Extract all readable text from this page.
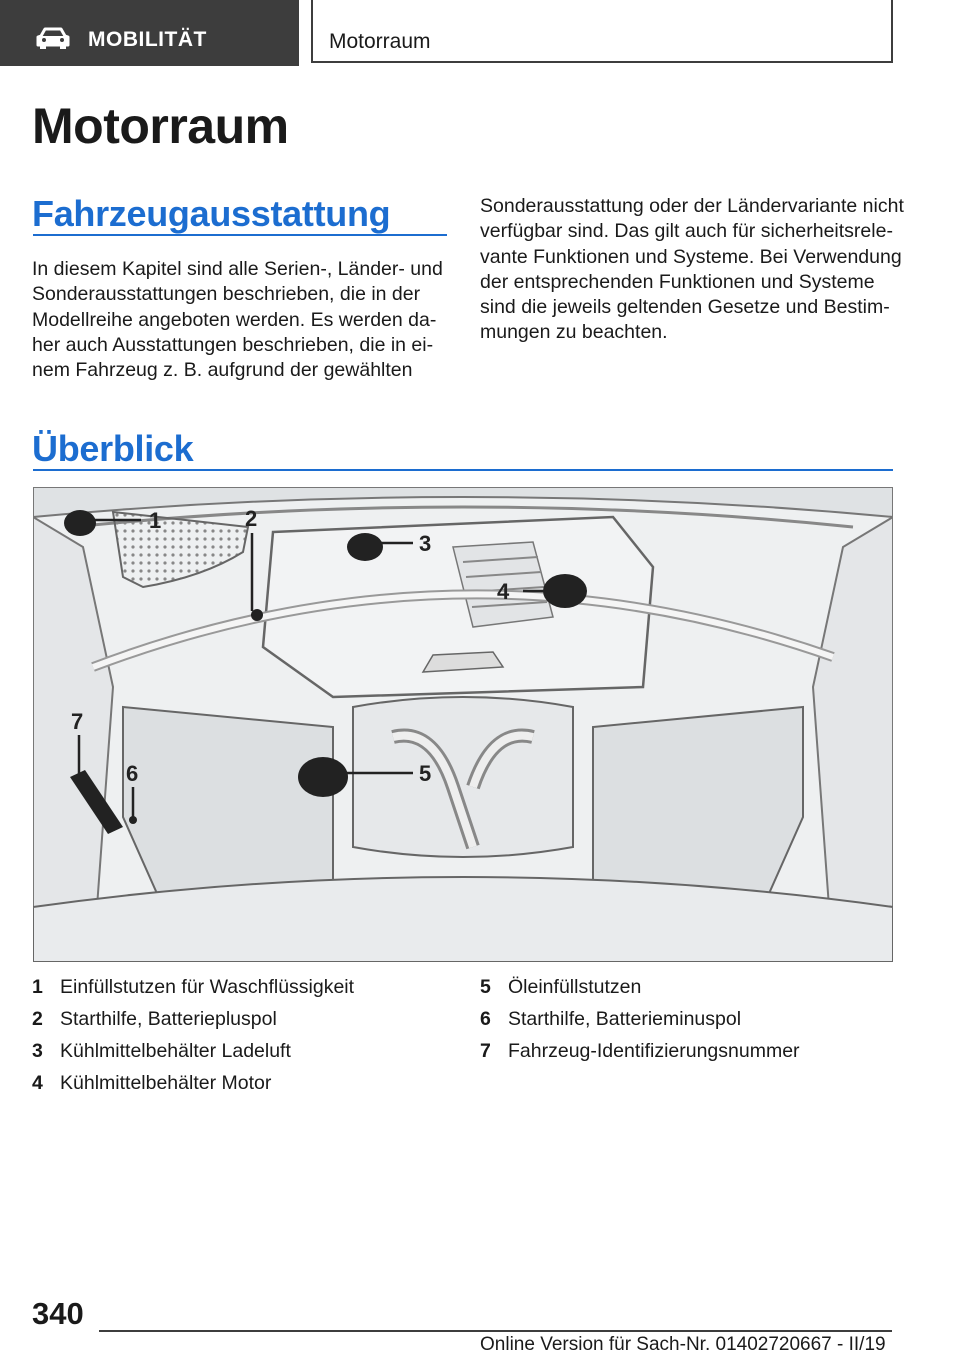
MOBILITÄT	Motorraum
Motorraum
Fahrzeugausstattung
In diesem Kapitel sind alle Serien-, Länder- und
Sonderausstattungen beschrieben, die in der
Modellreihe angeboten werden. Es werden da-
her auch Ausstattungen beschrieben, die in ei-
nem Fahrzeug z. B. aufgrund der gewählten
Sonderausstattung oder der Ländervariante nicht
verfügbar sind. Das gilt auch für sicherheitsrele-
vante Funktionen und Systeme. Bei Verwendung
der entsprechenden Funktionen und Systeme
sind die jeweils geltenden Gesetze und Bestim-
mungen zu beachten.
Überblick
1	2
3
4
5
6
7
1 Einfüllstutzen für Waschflüssigkeit
2 Starthilfe, Batteriepluspol
3 Kühlmittelbehälter Ladeluft
4 Kühlmittelbehälter Motor
5 Öleinfüllstutzen
6 Starthilfe, Batterieminuspol
7 Fahrzeug-Identifizierungsnummer
340
Online Version für Sach-Nr. 01402720667 - II/19
